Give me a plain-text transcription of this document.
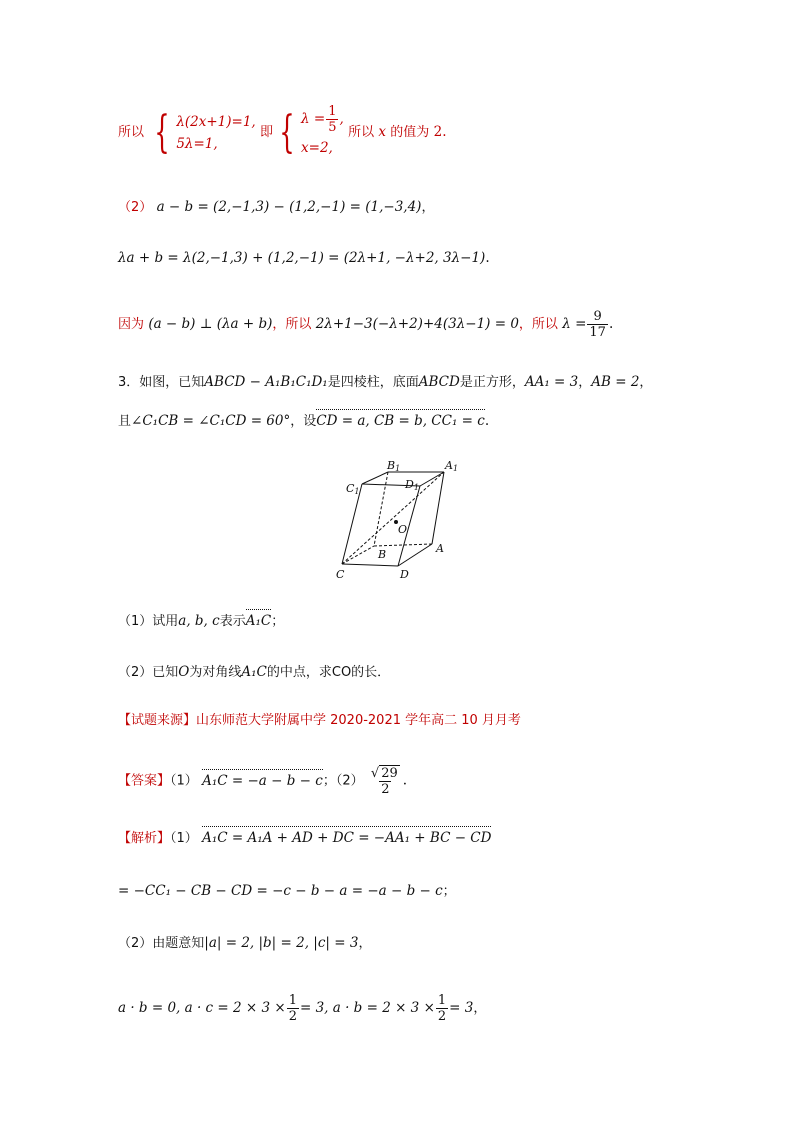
所以 { λ(2x+1)=1,
5λ=1,
即 { $\lambda = \frac{1}{5}$ ,
x=2,
所以 x 的值为 2.
（2） a − b = (2,−1,3) − (1,2,−1) = (1,−3,4)，
λa + b = λ(2,−1,3) + (1,2,−1) = (2λ+1, −λ+2, 3λ−1).
因为 (a − b) ⊥ (λa + b)，所以 2λ+1−3(−λ+2)+4(3λ−1) = 0，所以 $\lambda = \frac{9}{17}$ .
3．如图，已知ABCD − A₁B₁C₁D₁是四棱柱，底面ABCD是正方形，AA₁ = 3，AB = 2，
且∠C₁CB = ∠C₁CD = 60°，设CD = a, CB = b, CC₁ = c.
B1	A1
C1
D1
O
B	A
C	D
（1）试用a, b, c表示A₁C；
（2）已知O为对角线A₁C的中点，求CO的长．
【试题来源】山东师范大学附属中学 2020-2021 学年高二 10 月月考
【答案】（1） A₁C = −a − b − c；$(2) \frac{√ 29}{2}$ .
【解析】（1） A₁C = A₁A + AD + DC = −AA₁ + BC − CD
= −CC₁ − CB − CD = −c − b − a = −a − b − c；
（2）由题意知|a| = 2, |b| = 2, |c| = 3，
a · b = 0, $a \cdot c = 2 \times 3 \times \frac{1}{2} = 3$, $a \cdot b = 2 \times 3 \times \frac{1}{2} = 3$，
